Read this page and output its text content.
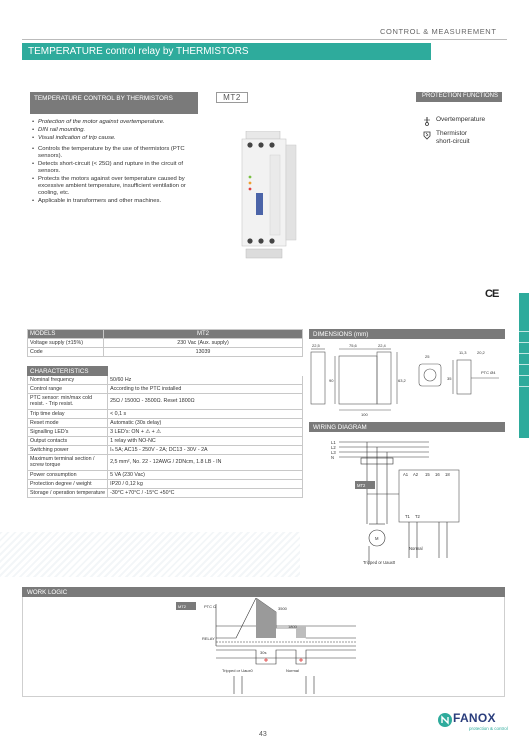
CONTROL & MEASUREMENT
TEMPERATURE control relay by THERMISTORS
TEMPERATURE CONTROL BY THERMISTORS	MT2	PROTECTION FUNCTIONS
• Protection of the motor against overtemperature.
• DIN rail mounting.
• Visual indication of trip cause.
• Controls the temperature by the use of thermistors (PTC sensors).
• Detects short-circuit (< 25Ω) and rupture in the circuit of sensors.
• Protects the motors against over temperature caused by excessive ambient temperature, insufficient ventilation or cooling, etc.
• Applicable in transformers and other machines.
Overtemperature
Thermistor
short-circuit
CE
MODELS	MT2
Voltage supply (±15%)	230 Vac (Aux. supply)
Code	13039
CHARACTERISTICS	
Nominal frequency	50/60 Hz
Control range	According to the PTC installed
PTC sensor: min/max cold resist. - Trip resist.	25Ω / 1500Ω - 3500Ω. Reset 1800Ω
Trip time delay	< 0,1 s
Reset mode	Automatic (30s delay)
Signalling LED's	3 LED's: ON + ⚠ + ⚠
Output contacts	1 relay with NO-NC
Switching power	Iₙ 5A; AC15 - 250V - 2A; DC13 - 30V - 2A
Maximum terminal section / screw torque	2,5 mm², No. 22 - 12AWG / 2DNcm, 1.8 LB - IN
Power consumption	5 VA (230 Vac)
Protection degree / weight	IP20 / 0,12 kg
Storage / operation temperature	-30°C +70°C / -15°C +50°C
DIMENSIONS (mm)
22,5	75,6	22,4
90	63,2
100
25
11,3	20,2
35
PTC Ø4
WIRING DIAGRAM
L1
L2
L3
N
MT2
Tripped or Uaux0
Normal
M
A1 A2 15 16 18
T1 T2
WORK LOGIC
MT2	PTC Ω
RELAY
1800
3500
30s
Tripped or Uaux0	Normal
FANOX
protection & control
43
